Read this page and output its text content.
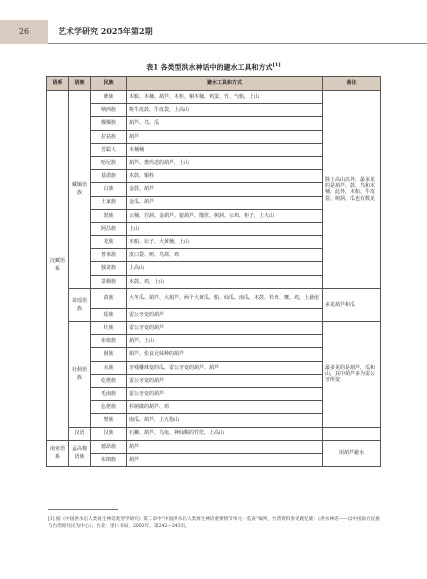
26	艺术学研究 2025年第2期
表1 各类型洪水神话中的避水工具和方式[1]
语系	语族	民族	避水工具和方式	备注
汉藏语系	藏缅语族	彝族	木船、木桶、葫芦、木柜、桐木桶、鸡蛋、竹、气船，上山	除上高山以外，最多见的是葫芦，鼓、鸟和木桶，此外，木船、牛皮袋、树洞、瓜也有数见
		纳西族	牦牛皮鼓、牛皮袋，上高山	
		傈僳族	葫芦、鸟、瓜	
		拉祜族	葫芦	
		苦聪人	木桶桶	
		哈尼族	葫芦、奥玛送的葫芦，上山	
		基诺族	木鼓、铜栓	
		白族	金鼓、葫芦	
		土家族	金瓜、葫芦	
		怒族	云桶、岩洞、金葫芦、银葫芦、篾筐、树洞、公鸡、柜子，上大山	
		阿昌族	上山	
		羌族	木船、坛子、大黄桶，上山	
		普米族	皮口袋、树、鸟窝、鸡	
		独龙族	上高山	
		景颇族	木鼓、鸡，上山	
	苗瑶语族	苗族	大冬瓜、葫芦、大葫芦、两个大黄瓜、船、仙瓜、南瓜、木鼓、杉舟、鹰、鸡，上悬崖	多见葫芦和瓜
		瑶族	雷公牙变的葫芦	
	壮侗语族	壮族	雷公牙变的葫芦	最多见的是葫芦，瓜和山，其中葫芦多为雷公牙所变
		布依族	葫芦，上山	
		侗族	葫芦、张良兄妹种的葫芦	
		水族	牙残雕珠变的瓜、雷公牙变的葫芦、葫芦	
		仡佬族	雷公牙变的葫芦	
		毛南族	雷公牙变的葫芦	
		仫佬族	杉树做的葫芦、鸡	
		黎族	南瓜、葫芦，上五指山	
	汉语	汉族	石狮、葫芦、乌龟、神仙赐的竹筐，上高山	
南亚语系	孟高棉语族	德昂族	葫芦	用葫芦避水
		布朗族	葫芦	
[1] 据《中国洪水后人类再生神话类型学研究》第二章中“中国洪水后人类再生神话重要情节单元一览表”编列，台湾资料参见鹿忆鹿：《洪水神话——以中国南方民族与台湾原住民为中心》，台北：里仁书局，2002年，第242—243页。
